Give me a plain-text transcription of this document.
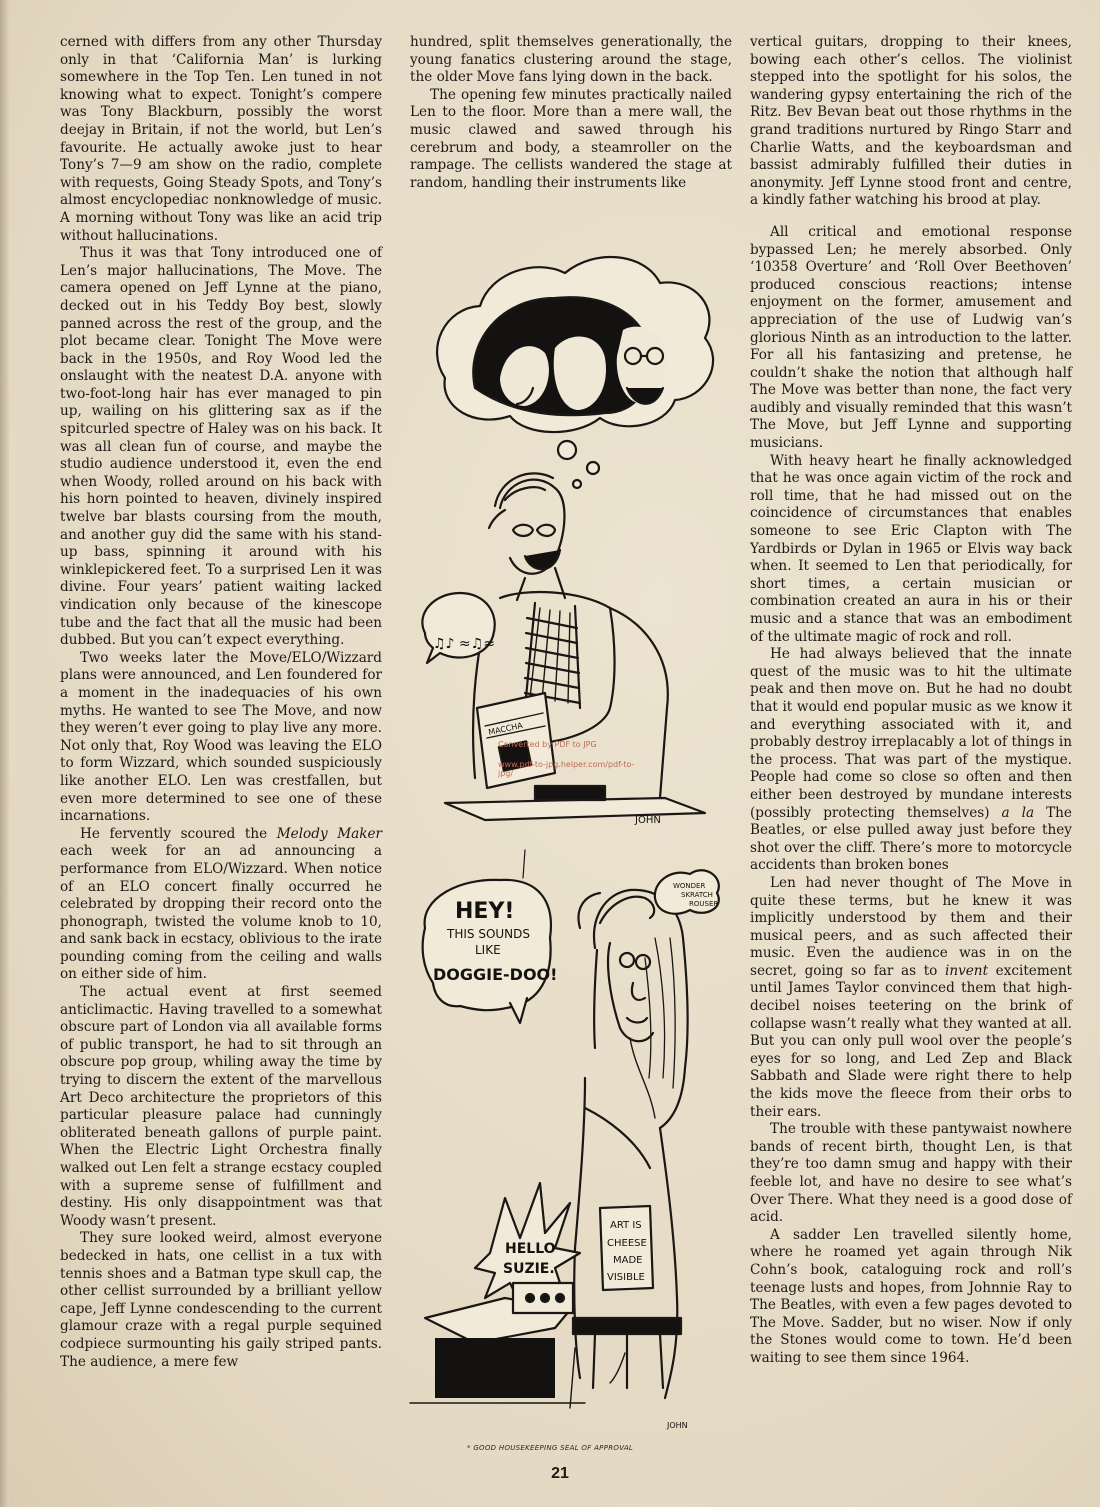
cerned with differs from any other Thursday only in that ‘California Man’ is lurking somewhere in the Top Ten. Len tuned in not knowing what to expect. Tonight’s compere was Tony Blackburn, possibly the worst deejay in Britain, if not the world, but Len’s favourite. He actually awoke just to hear Tony’s 7—9 am show on the radio, complete with requests, Going Steady Spots, and Tony’s almost encyclopediac nonknowledge of music. A morning without Tony was like an acid trip without hallucinations.

Thus it was that Tony introduced one of Len’s major hallucinations, The Move. The camera opened on Jeff Lynne at the piano, decked out in his Teddy Boy best, slowly panned across the rest of the group, and the plot became clear. Tonight The Move were back in the 1950s, and Roy Wood led the onslaught with the neatest D.A. anyone with two-foot-long hair has ever managed to pin up, wailing on his glittering sax as if the spitcurled spectre of Haley was on his back. It was all clean fun of course, and maybe the studio audience understood it, even the end when Woody, rolled around on his back with his horn pointed to heaven, divinely inspired twelve bar blasts coursing from the mouth, and another guy did the same with his stand-up bass, spinning it around with his winklepickered feet. To a surprised Len it was divine. Four years’ patient waiting lacked vindication only because of the kinescope tube and the fact that all the music had been dubbed. But you can’t expect everything.

Two weeks later the Move/ELO/Wizzard plans were announced, and Len foundered for a moment in the inadequacies of his own myths. He wanted to see The Move, and now they weren’t ever going to play live any more. Not only that, Roy Wood was leaving the ELO to form Wizzard, which sounded suspiciously like another ELO. Len was crestfallen, but even more determined to see one of these incarnations.

He fervently scoured the Melody Maker each week for an ad announcing a performance from ELO/Wizzard. When notice of an ELO concert finally occurred he celebrated by dropping their record onto the phonograph, twisted the volume knob to 10, and sank back in ecstacy, oblivious to the irate pounding coming from the ceiling and walls on either side of him.

The actual event at first seemed anticlimactic. Having travelled to a somewhat obscure part of London via all available forms of public transport, he had to sit through an obscure pop group, whiling away the time by trying to discern the extent of the marvellous Art Deco architecture the proprietors of this particular pleasure palace had cunningly obliterated beneath gallons of purple paint. When the Electric Light Orchestra finally walked out Len felt a strange ecstacy coupled with a supreme sense of fulfillment and destiny. His only disappointment was that Woody wasn’t present.

They sure looked weird, almost everyone bedecked in hats, one cellist in a tux with tennis shoes and a Batman type skull cap, the other cellist surrounded by a brilliant yellow cape, Jeff Lynne condescending to the current glamour craze with a regal purple sequined codpiece surmounting his gaily striped pants. The audience, a mere few

hundred, split themselves generationally, the young fanatics clustering around the stage, the older Move fans lying down in the back.

The opening few minutes practically nailed Len to the floor. More than a mere wall, the music clawed and sawed through his cerebrum and body, a steamroller on the rampage. The cellists wandered the stage at random, handling their instruments like

vertical guitars, dropping to their knees, bowing each other’s cellos. The violinist stepped into the spotlight for his solos, the wandering gypsy entertaining the rich of the Ritz. Bev Bevan beat out those rhythms in the grand traditions nurtured by Ringo Starr and Charlie Watts, and the keyboardsman and bassist admirably fulfilled their duties in anonymity. Jeff Lynne stood front and centre, a kindly father watching his brood at play.

All critical and emotional response bypassed Len; he merely absorbed. Only ‘10358 Overture’ and ‘Roll Over Beethoven’ produced conscious reactions; intense enjoyment on the former, amusement and appreciation of the use of Ludwig van’s glorious Ninth as an introduction to the latter. For all his fantasizing and pretense, he couldn’t shake the notion that although half The Move was better than none, the fact very audibly and visually reminded that this wasn’t The Move, but Jeff Lynne and supporting musicians.

With heavy heart he finally acknowledged that he was once again victim of the rock and roll time, that he had missed out on the coincidence of circumstances that enables someone to see Eric Clapton with The Yardbirds or Dylan in 1965 or Elvis way back when. It seemed to Len that periodically, for short times, a certain musician or combination created an aura in his or their music and a stance that was an embodiment of the ultimate magic of rock and roll.

He had always believed that the innate quest of the music was to hit the ultimate peak and then move on. But he had no doubt that it would end popular music as we know it and everything associated with it, and probably destroy irreplacably a lot of things in the process. That was part of the mystique. People had come so close so often and then either been destroyed by mundane interests (possibly protecting themselves) a la The Beatles, or else pulled away just before they shot over the cliff. There’s more to motorcycle accidents than broken bones

Len had never thought of The Move in quite these terms, but he knew it was implicitly understood by them and their musical peers, and as such affected their music. Even the audience was in on the secret, going so far as to invent excitement until James Taylor convinced them that high-decibel noises teetering on the brink of collapse wasn’t really what they wanted at all. But you can only pull wool over the people’s eyes for so long, and Led Zep and Black Sabbath and Slade were right there to help the kids move the fleece from their orbs to their ears.

The trouble with these pantywaist nowhere bands of recent birth, thought Len, is that they’re too damn smug and happy with their feeble lot, and have no desire to see what’s Over There. What they need is a good dose of acid.

A sadder Len travelled silently home, where he roamed yet again through Nik Cohn’s book, cataloguing rock and roll’s teenage lusts and hopes, from Johnnie Ray to The Beatles, with even a few pages devoted to The Move. Sadder, but no wiser. Now if only the Stones would come to town. He’d been waiting to see them since 1964.

♫♪ ≈♫≈
MACCHA
JOHN
HEY!
THIS SOUNDS
LIKE
DOGGIE-DOO!
WONDER
SKRATCH
ROUSER
ART IS
CHEESE
MADE
VISIBLE
HELLO
SUZIE.
JOHN
Converted by PDF to JPG
www.pdf-to-jpg.helper.com/pdf-to-jpg/
* GOOD HOUSEKEEPING SEAL OF APPROVAL
21
